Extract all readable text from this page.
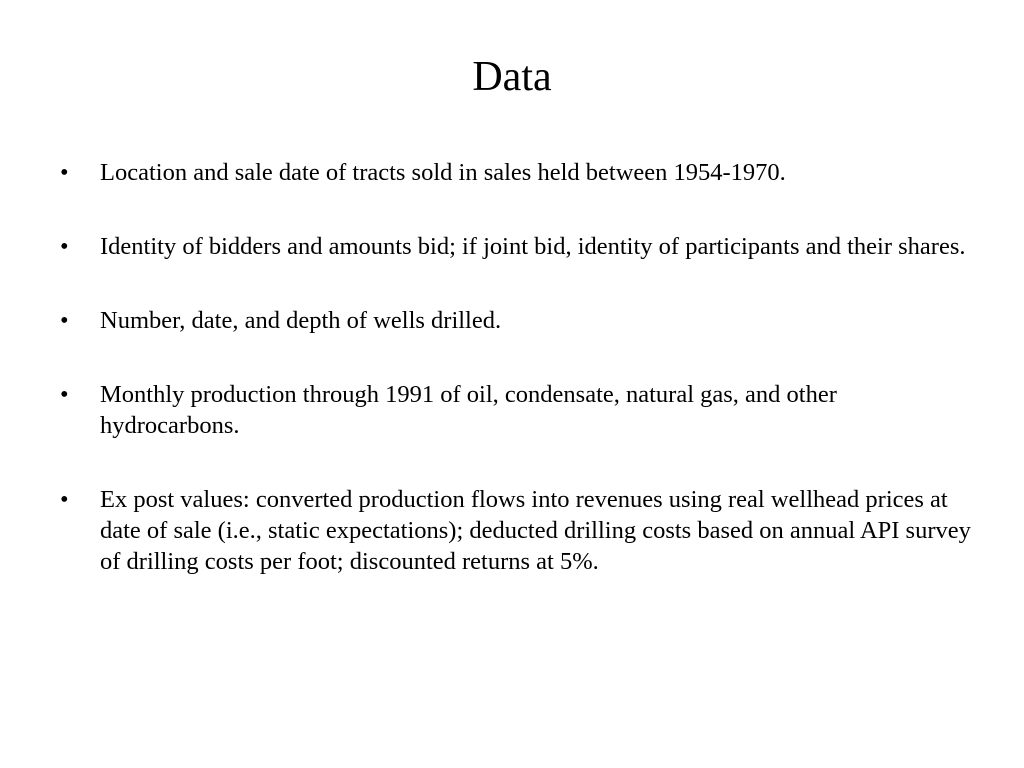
Data
• Location and sale date of tracts sold in sales held between 1954-1970.
• Identity of bidders and amounts bid; if joint bid, identity of participants and their shares.
• Number, date, and depth of wells drilled.
• Monthly production through 1991 of oil, condensate, natural gas, and other hydrocarbons.
• Ex post values: converted production flows into revenues using real wellhead prices at date of sale (i.e., static expectations); deducted drilling costs based on annual API survey of drilling costs per foot; discounted returns at 5%.
